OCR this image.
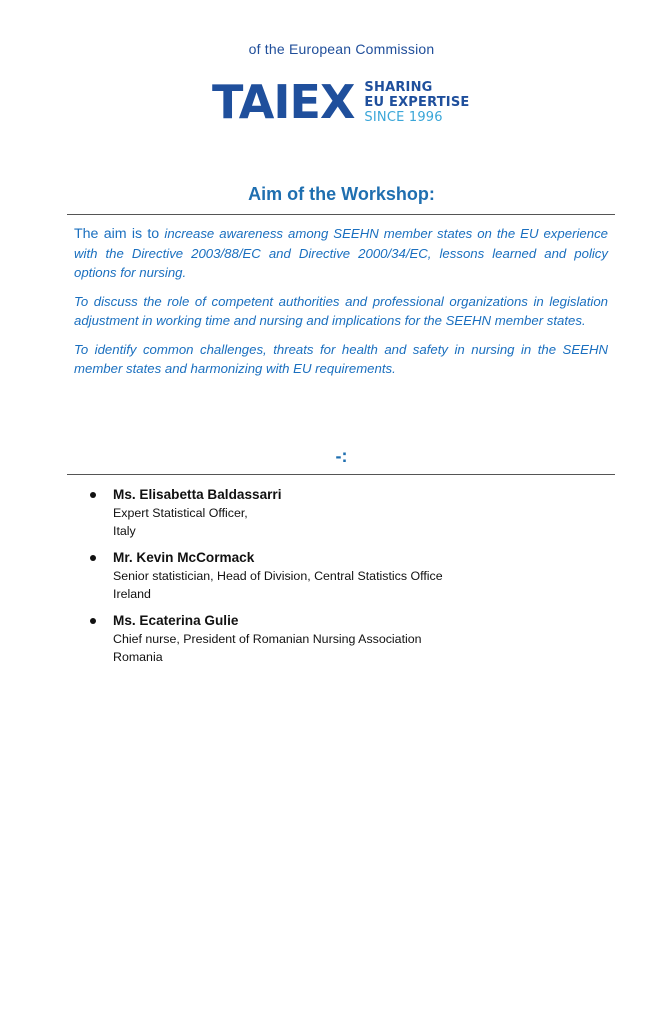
of the European Commission
TAIEX SHARING
EU EXPERTISE
SINCE 1996
Aim of the Workshop:

The aim is to increase awareness among SEEHN member states on the EU experience with the Directive 2003/88/EC and Directive 2000/34/EC, lessons learned and policy options for nursing.

To discuss the role of competent authorities and professional organizations in legislation adjustment in working time and nursing and implications for the SEEHN member states.

To identify common challenges, threats for health and safety in nursing in the SEEHN member states and harmonizing with EU requirements.

-:
Ms. Elisabetta Baldassarri
Expert Statistical Officer,
Italy
Mr. Kevin McCormack
Senior statistician, Head of Division, Central Statistics Office
Ireland
Ms. Ecaterina Gulie
Chief nurse, President of Romanian Nursing Association
Romania
